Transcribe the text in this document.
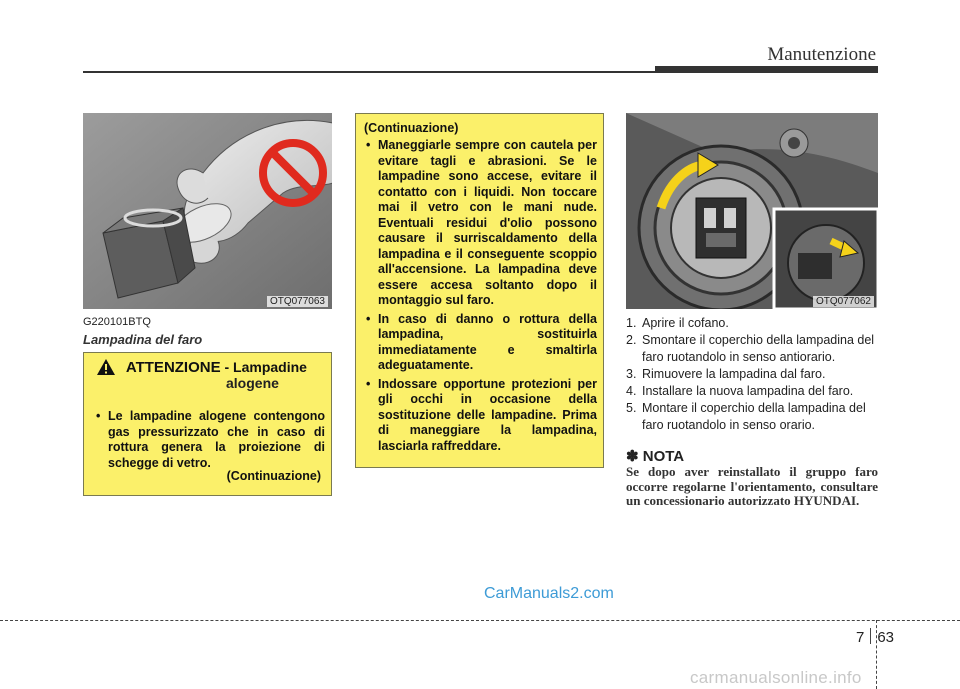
Manutenzione
OTQ077063
G220101BTQ
Lampadina del faro
ATTENZIONE - Lampadine
alogene
• Le lampadine alogene contengono gas pressurizzato che in caso di rottura genera la proiezione di schegge di vetro.
(Continuazione)
(Continuazione)
• Maneggiarle sempre con cautela per evitare tagli e abrasioni. Se le lampadine sono accese, evitare il contatto con i liquidi. Non toccare mai il vetro con le mani nude. Eventuali residui d'olio possono causare il surriscaldamento della lampadina e il conseguente scoppio all'accensione. La lampadina deve essere accesa soltanto dopo il montaggio sul faro.
• In caso di danno o rottura della lampadina, sostituirla immediatamente e smaltirla adeguatamente.
• Indossare opportune protezioni per gli occhi in occasione della sostituzione delle lampadine. Prima di maneggiare la lampadina, lasciarla raffreddare.
OTQ077062
1. Aprire il cofano.
2. Smontare il coperchio della lampadina del faro ruotandolo in senso antiorario.
3. Rimuovere la lampadina dal faro.
4. Installare la nuova lampadina del faro.
5. Montare il coperchio della lampadina del faro ruotandolo in senso orario.
✽ NOTA
Se dopo aver reinstallato il gruppo faro occorre regolarne l'orientamento, consultare un concessionario autorizzato HYUNDAI.
CarManuals2.com
7 63
carmanualsonline.info
